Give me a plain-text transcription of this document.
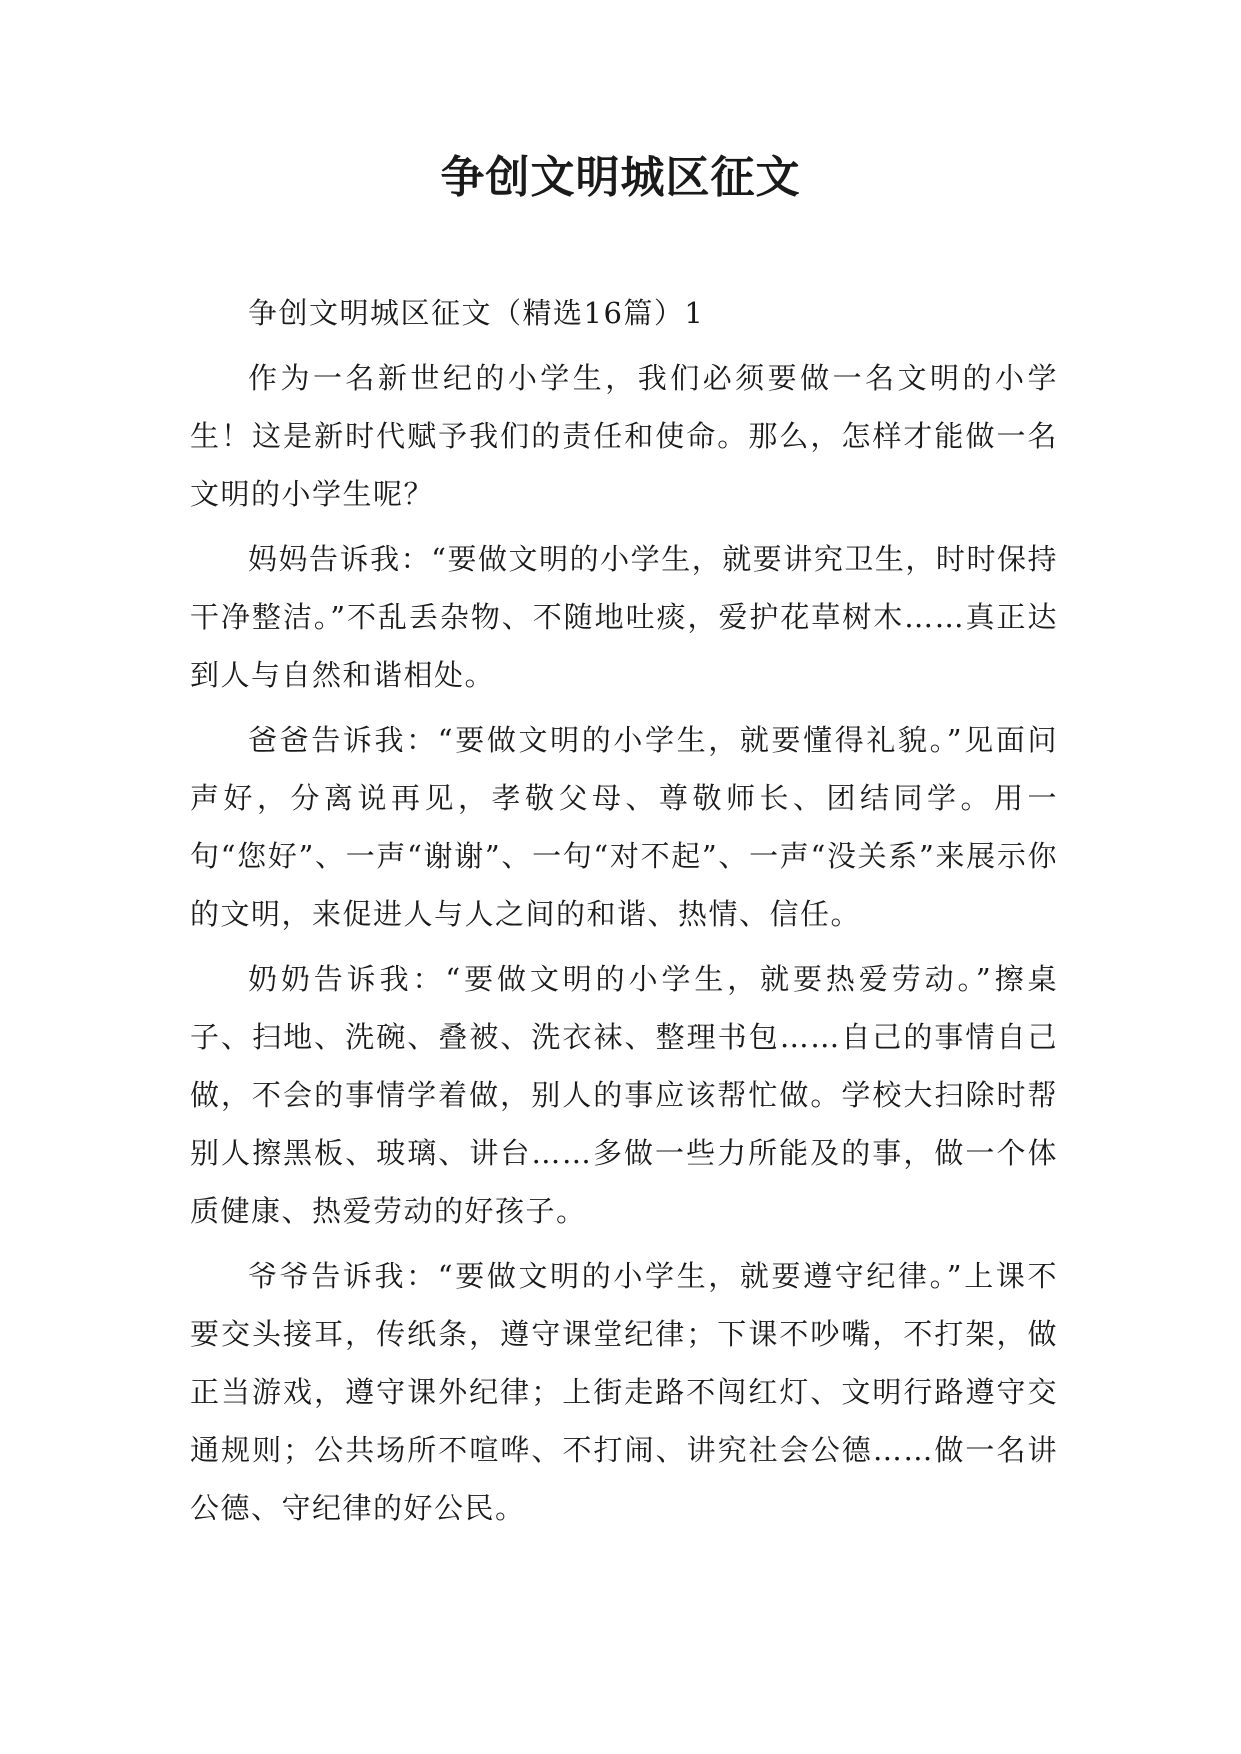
争创文明城区征文

争创文明城区征文（精选16篇）1

作为一名新世纪的小学生，我们必须要做一名文明的小学生！这是新时代赋予我们的责任和使命。那么，怎样才能做一名文明的小学生呢？

妈妈告诉我：“要做文明的小学生，就要讲究卫生，时时保持干净整洁。”不乱丢杂物、不随地吐痰，爱护花草树木……真正达到人与自然和谐相处。

爸爸告诉我：“要做文明的小学生，就要懂得礼貌。”见面问声好，分离说再见，孝敬父母、尊敬师长、团结同学。用一句“您好”、一声“谢谢”、一句“对不起”、一声“没关系”来展示你的文明，来促进人与人之间的和谐、热情、信任。

奶奶告诉我：“要做文明的小学生，就要热爱劳动。”擦桌子、扫地、洗碗、叠被、洗衣袜、整理书包……自己的事情自己做，不会的事情学着做，别人的事应该帮忙做。学校大扫除时帮别人擦黑板、玻璃、讲台……多做一些力所能及的事，做一个体质健康、热爱劳动的好孩子。

爷爷告诉我：“要做文明的小学生，就要遵守纪律。”上课不要交头接耳，传纸条，遵守课堂纪律；下课不吵嘴，不打架，做正当游戏，遵守课外纪律；上街走路不闯红灯、文明行路遵守交通规则；公共场所不喧哗、不打闹、讲究社会公德……做一名讲公德、守纪律的好公民。
